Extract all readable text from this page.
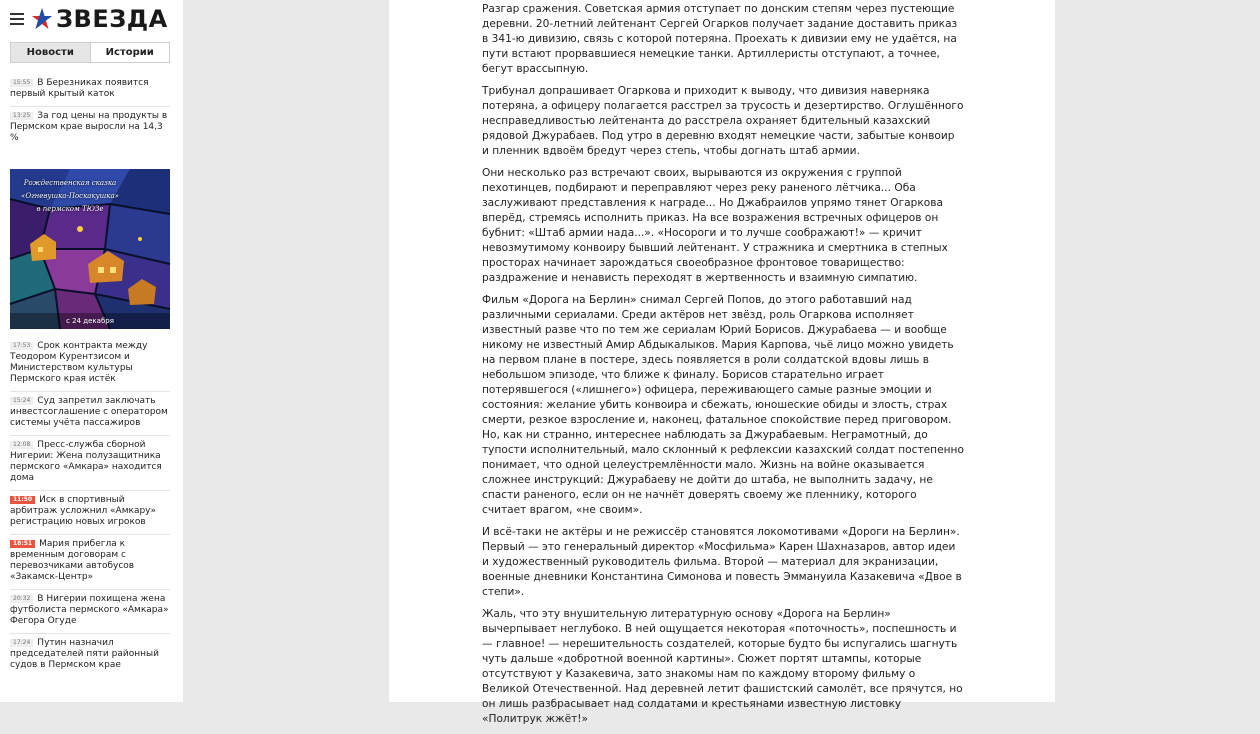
ЗВЕЗДА
Новости	Истории
15:55 В Березниках появится первый крытый каток
13:25 За год цены на продукты в Пермском крае выросли на 14,3 %
Рождественская сказка
«Огневушка-Поскакушка»
в пермском ТЮЗе
с 24 декабря
17:53 Срок контракта между Теодором Курентзисом и Министерством культуры Пермского края истёк
15:24 Суд запретил заключать инвестсоглашение с оператором системы учёта пассажиров
12:08 Пресс-служба сборной Нигерии: Жена полузащитника пермского «Амкара» находится дома
11:50 Иск в спортивный арбитраж усложнил «Амкару» регистрацию новых игроков
18:51 Мария прибегла к временным договорам с перевозчиками автобусов «Закамск-Центр»
20:32 В Нигерии похищена жена футболиста пермского «Амкара» Фегора Огуде
17:24 Путин назначил председателей пяти районный судов в Пермском крае

Разгар сражения. Советская армия отступает по донским степям через пустеющие деревни. 20-летний лейтенант Сергей Огарков получает задание доставить приказ в 341-ю дивизию, связь с которой потеряна. Проехать к дивизии ему не удаётся, на пути встают прорвавшиеся немецкие танки. Артиллеристы отступают, а точнее, бегут врассыпную.

Трибунал допрашивает Огаркова и приходит к выводу, что дивизия наверняка потеряна, а офицеру полагается расстрел за трусость и дезертирство. Оглушённого несправедливостью лейтенанта до расстрела охраняет бдительный казахский рядовой Джурабаев. Под утро в деревню входят немецкие части, забытые конвоир и пленник вдвоём бредут через степь, чтобы догнать штаб армии.

Они несколько раз встречают своих, вырываются из окружения с группой пехотинцев, подбирают и переправляют через реку раненого лётчика... Оба заслуживают представления к награде... Но Джабраилов упрямо тянет Огаркова вперёд, стремясь исполнить приказ. На все возражения встречных офицеров он бубнит: «Штаб армии нада...». «Носороги и то лучше соображают!» — кричит невозмутимому конвоиру бывший лейтенант. У стражника и смертника в степных просторах начинает зарождаться своеобразное фронтовое товарищество: раздражение и ненависть переходят в жертвенность и взаимную симпатию.

Фильм «Дорога на Берлин» снимал Сергей Попов, до этого работавший над различными сериалами. Среди актёров нет звёзд, роль Огаркова исполняет известный разве что по тем же сериалам Юрий Борисов. Джурабаева — и вообще никому не известный Амир Абдыкалыков. Мария Карпова, чьё лицо можно увидеть на первом плане в постере, здесь появляется в роли солдатской вдовы лишь в небольшом эпизоде, что ближе к финалу. Борисов старательно играет потерявшегося («лишнего») офицера, переживающего самые разные эмоции и состояния: желание убить конвоира и сбежать, юношеские обиды и злость, страх смерти, резкое взросление и, наконец, фатальное спокойствие перед приговором. Но, как ни странно, интереснее наблюдать за Джурабаевым. Неграмотный, до тупости исполнительный, мало склонный к рефлексии казахский солдат постепенно понимает, что одной целеустремлённости мало. Жизнь на войне оказывается сложнее инструкций: Джурабаеву не дойти до штаба, не выполнить задачу, не спасти раненого, если он не начнёт доверять своему же пленнику, которого считает врагом, «не своим».

И всё-таки не актёры и не режиссёр становятся локомотивами «Дороги на Берлин». Первый — это генеральный директор «Мосфильма» Карен Шахназаров, автор идеи и художественный руководитель фильма. Второй — материал для экранизации, военные дневники Константина Симонова и повесть Эммануила Казакевича «Двое в степи».

Жаль, что эту внушительную литературную основу «Дорога на Берлин» вычерпывает неглубоко. В ней ощущается некоторая «поточность», поспешность и — главное! — нерешительность создателей, которые будто бы испугались шагнуть чуть дальше «добротной военной картины». Сюжет портят штампы, которые отсутствуют у Казакевича, зато знакомы нам по каждому второму фильму о Великой Отечественной. Над деревней летит фашистский самолёт, все прячутся, но он лишь разбрасывает над солдатами и крестьянами известную листовку «Политрук жжёт!»
